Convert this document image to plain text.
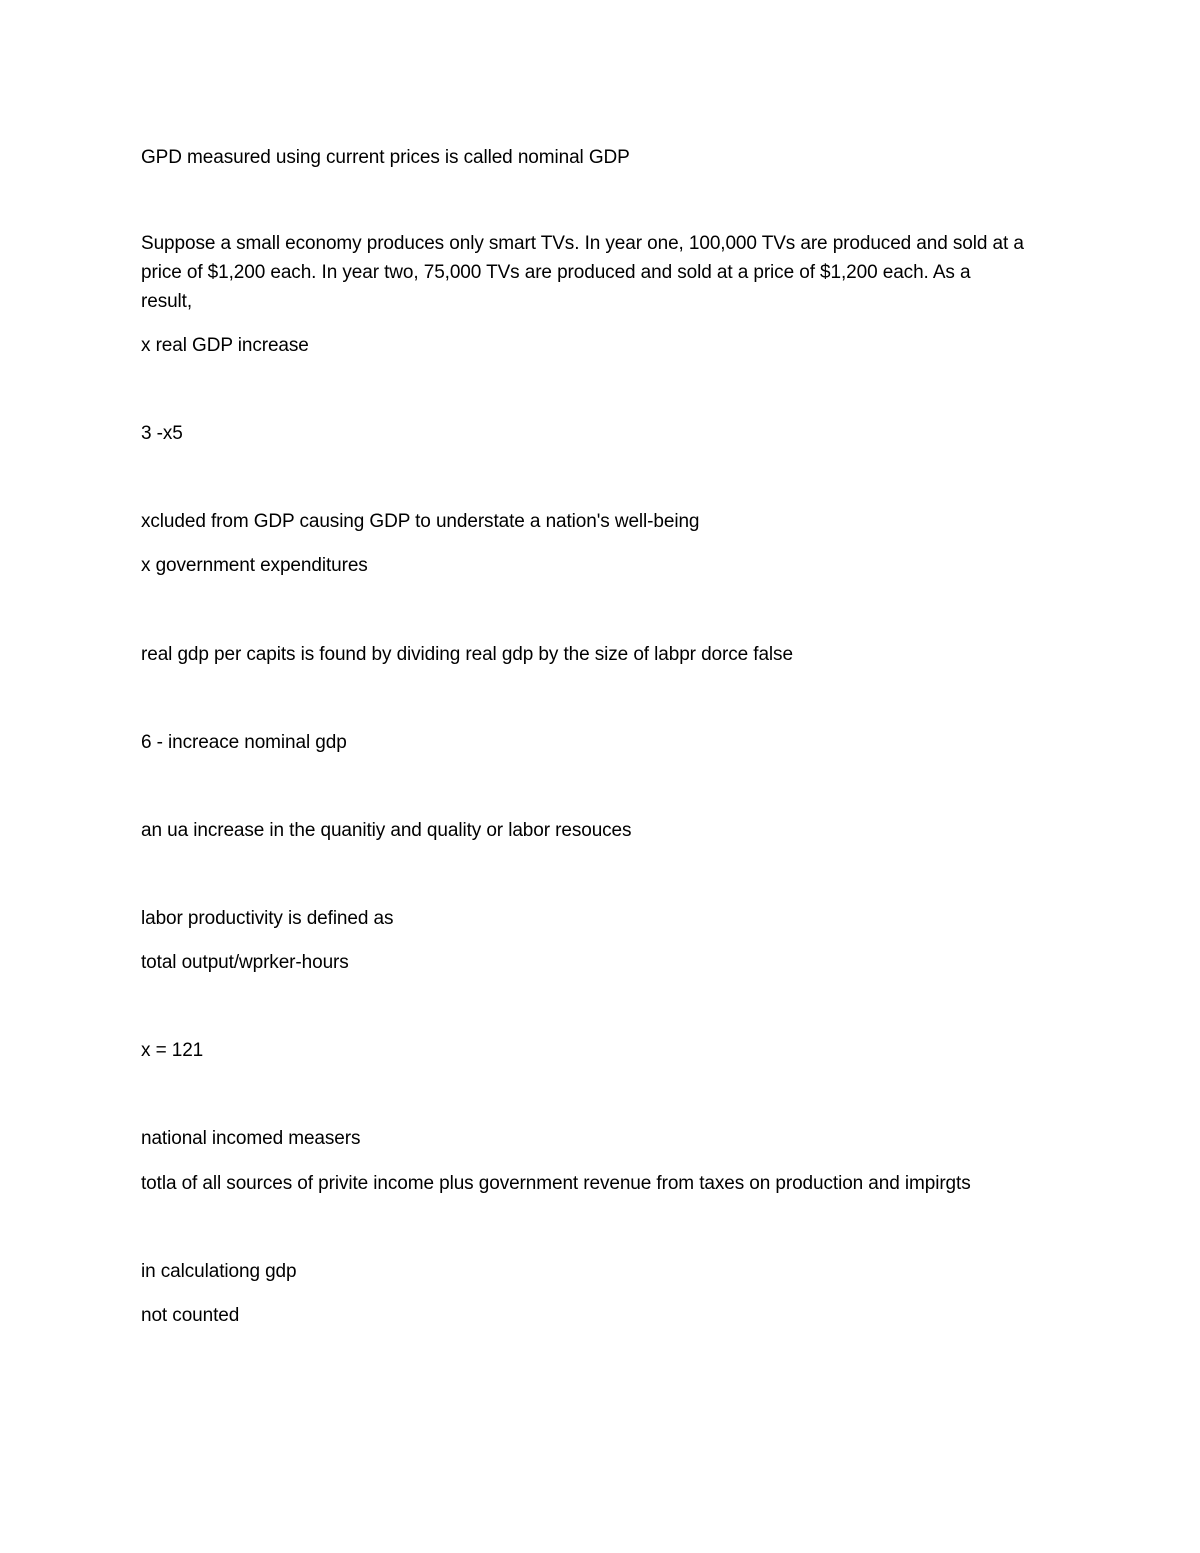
GPD measured using current prices is called nominal GDP
Suppose a small economy produces only smart TVs. In year one, 100,000 TVs are produced and sold at a
price of $1,200 each. In year two, 75,000 TVs are produced and sold at a price of $1,200 each. As a
result,
x real GDP increase
3 -x5
xcluded from GDP causing GDP to understate a nation's well-being
x government expenditures
real gdp per capits is found by dividing real gdp by the size of labpr dorce false
6 - increace nominal gdp
an ua increase in the quanitiy and quality or labor resouces
labor productivity is defined as
total output/wprker-hours
x = 121
national incomed measers
totla of all sources of privite income plus government revenue from taxes on production and impirgts
in calculationg gdp
not counted
